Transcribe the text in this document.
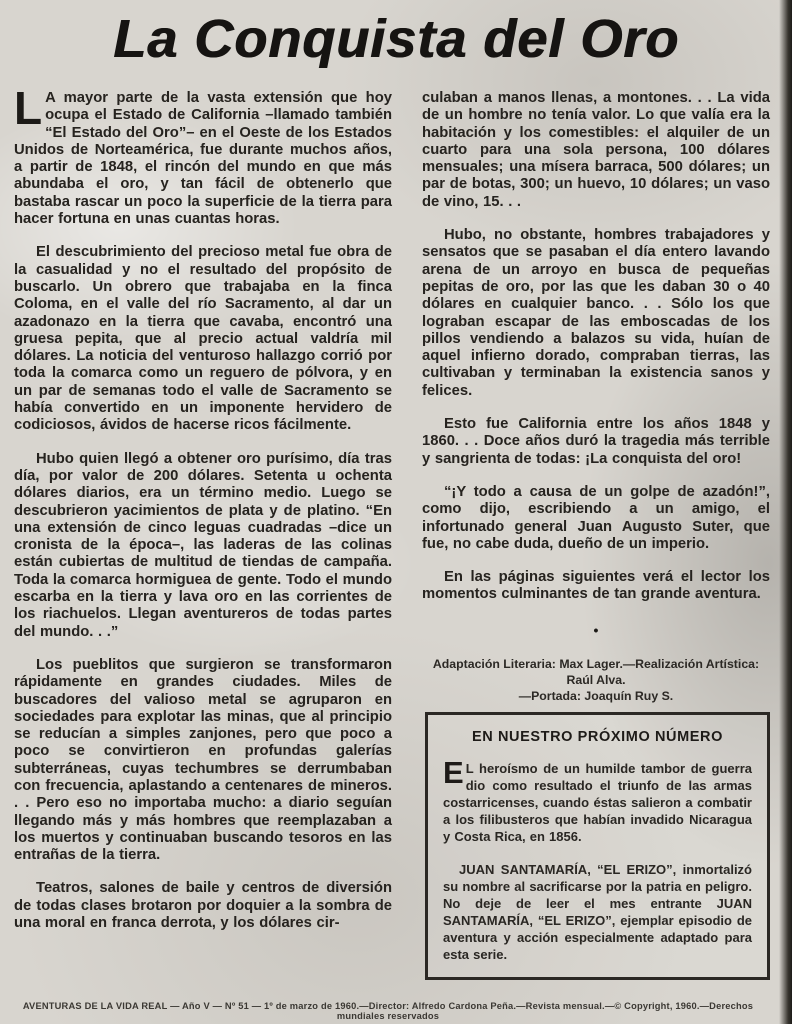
La Conquista del Oro

L A mayor parte de la vasta extensión que hoy ocupa el Estado de California –llamado también “El Estado del Oro”– en el Oeste de los Estados Unidos de Norteamérica, fue durante muchos años, a partir de 1848, el rincón del mundo en que más abundaba el oro, y tan fácil de obtenerlo que bastaba rascar un poco la superficie de la tierra para hacer fortuna en unas cuantas horas.

El descubrimiento del precioso metal fue obra de la casualidad y no el resultado del propósito de buscarlo. Un obrero que trabajaba en la finca Coloma, en el valle del río Sacramento, al dar un azadonazo en la tierra que cavaba, encontró una gruesa pepita, que al precio actual valdría mil dólares. La noticia del venturoso hallazgo corrió por toda la comarca como un reguero de pólvora, y en un par de semanas todo el valle de Sacramento se había convertido en un imponente hervidero de codiciosos, ávidos de hacerse ricos fácilmente.

Hubo quien llegó a obtener oro purísimo, día tras día, por valor de 200 dólares. Setenta u ochenta dólares diarios, era un término medio. Luego se descubrieron yacimientos de plata y de platino. “En una extensión de cinco leguas cuadradas –dice un cronista de la época–, las laderas de las colinas están cubiertas de multitud de tiendas de campaña. Toda la comarca hormiguea de gente. Todo el mundo escarba en la tierra y lava oro en las corrientes de los riachuelos. Llegan aventureros de todas partes del mundo. . .”

Los pueblitos que surgieron se transformaron rápidamente en grandes ciudades. Miles de buscadores del valioso metal se agruparon en sociedades para explotar las minas, que al principio se reducían a simples zanjones, pero que poco a poco se convirtieron en profundas galerías subterráneas, cuyas techumbres se derrumbaban con frecuencia, aplastando a centenares de mineros. . . Pero eso no importaba mucho: a diario seguían llegando más y más hombres que reemplazaban a los muertos y continuaban buscando tesoros en las entrañas de la tierra.

Teatros, salones de baile y centros de diversión de todas clases brotaron por doquier a la sombra de una moral en franca derrota, y los dólares cir-

culaban a manos llenas, a montones. . . La vida de un hombre no tenía valor. Lo que valía era la habitación y los comestibles: el alquiler de un cuarto para una sola persona, 100 dólares mensuales; una mísera barraca, 500 dólares; un par de botas, 300; un huevo, 10 dólares; un vaso de vino, 15. . .

Hubo, no obstante, hombres trabajadores y sensatos que se pasaban el día entero lavando arena de un arroyo en busca de pequeñas pepitas de oro, por las que les daban 30 o 40 dólares en cualquier banco. . . Sólo los que lograban escapar de las emboscadas de los pillos vendiendo a balazos su vida, huían de aquel infierno dorado, compraban tierras, las cultivaban y terminaban la existencia sanos y felices.

Esto fue California entre los años 1848 y 1860. . . Doce años duró la tragedia más terrible y sangrienta de todas: ¡La conquista del oro!

“¡Y todo a causa de un golpe de azadón!”, como dijo, escribiendo a un amigo, el infortunado general Juan Augusto Suter, que fue, no cabe duda, dueño de un imperio.

En las páginas siguientes verá el lector los momentos culminantes de tan grande aventura.

•
Adaptación Literaria: Max Lager.—Realización Artística: Raúl Alva.
—Portada: Joaquín Ruy S.
EN NUESTRO PRÓXIMO NÚMERO

E L heroísmo de un humilde tambor de guerra dio como resultado el triunfo de las armas costarricenses, cuando éstas salieron a combatir a los filibusteros que habían invadido Nicaragua y Costa Rica, en 1856.

JUAN SANTAMARÍA, “EL ERIZO”, inmortalizó su nombre al sacrificarse por la patria en peligro. No deje de leer el mes entrante JUAN SANTAMARÍA, “EL ERIZO”, ejemplar episodio de aventura y acción especialmente adaptado para esta serie.

AVENTURAS DE LA VIDA REAL — Año V — Nº 51 — 1º de marzo de 1960.—Director: Alfredo Cardona Peña.—Revista mensual.—© Copyright, 1960.—Derechos mundiales reservados
